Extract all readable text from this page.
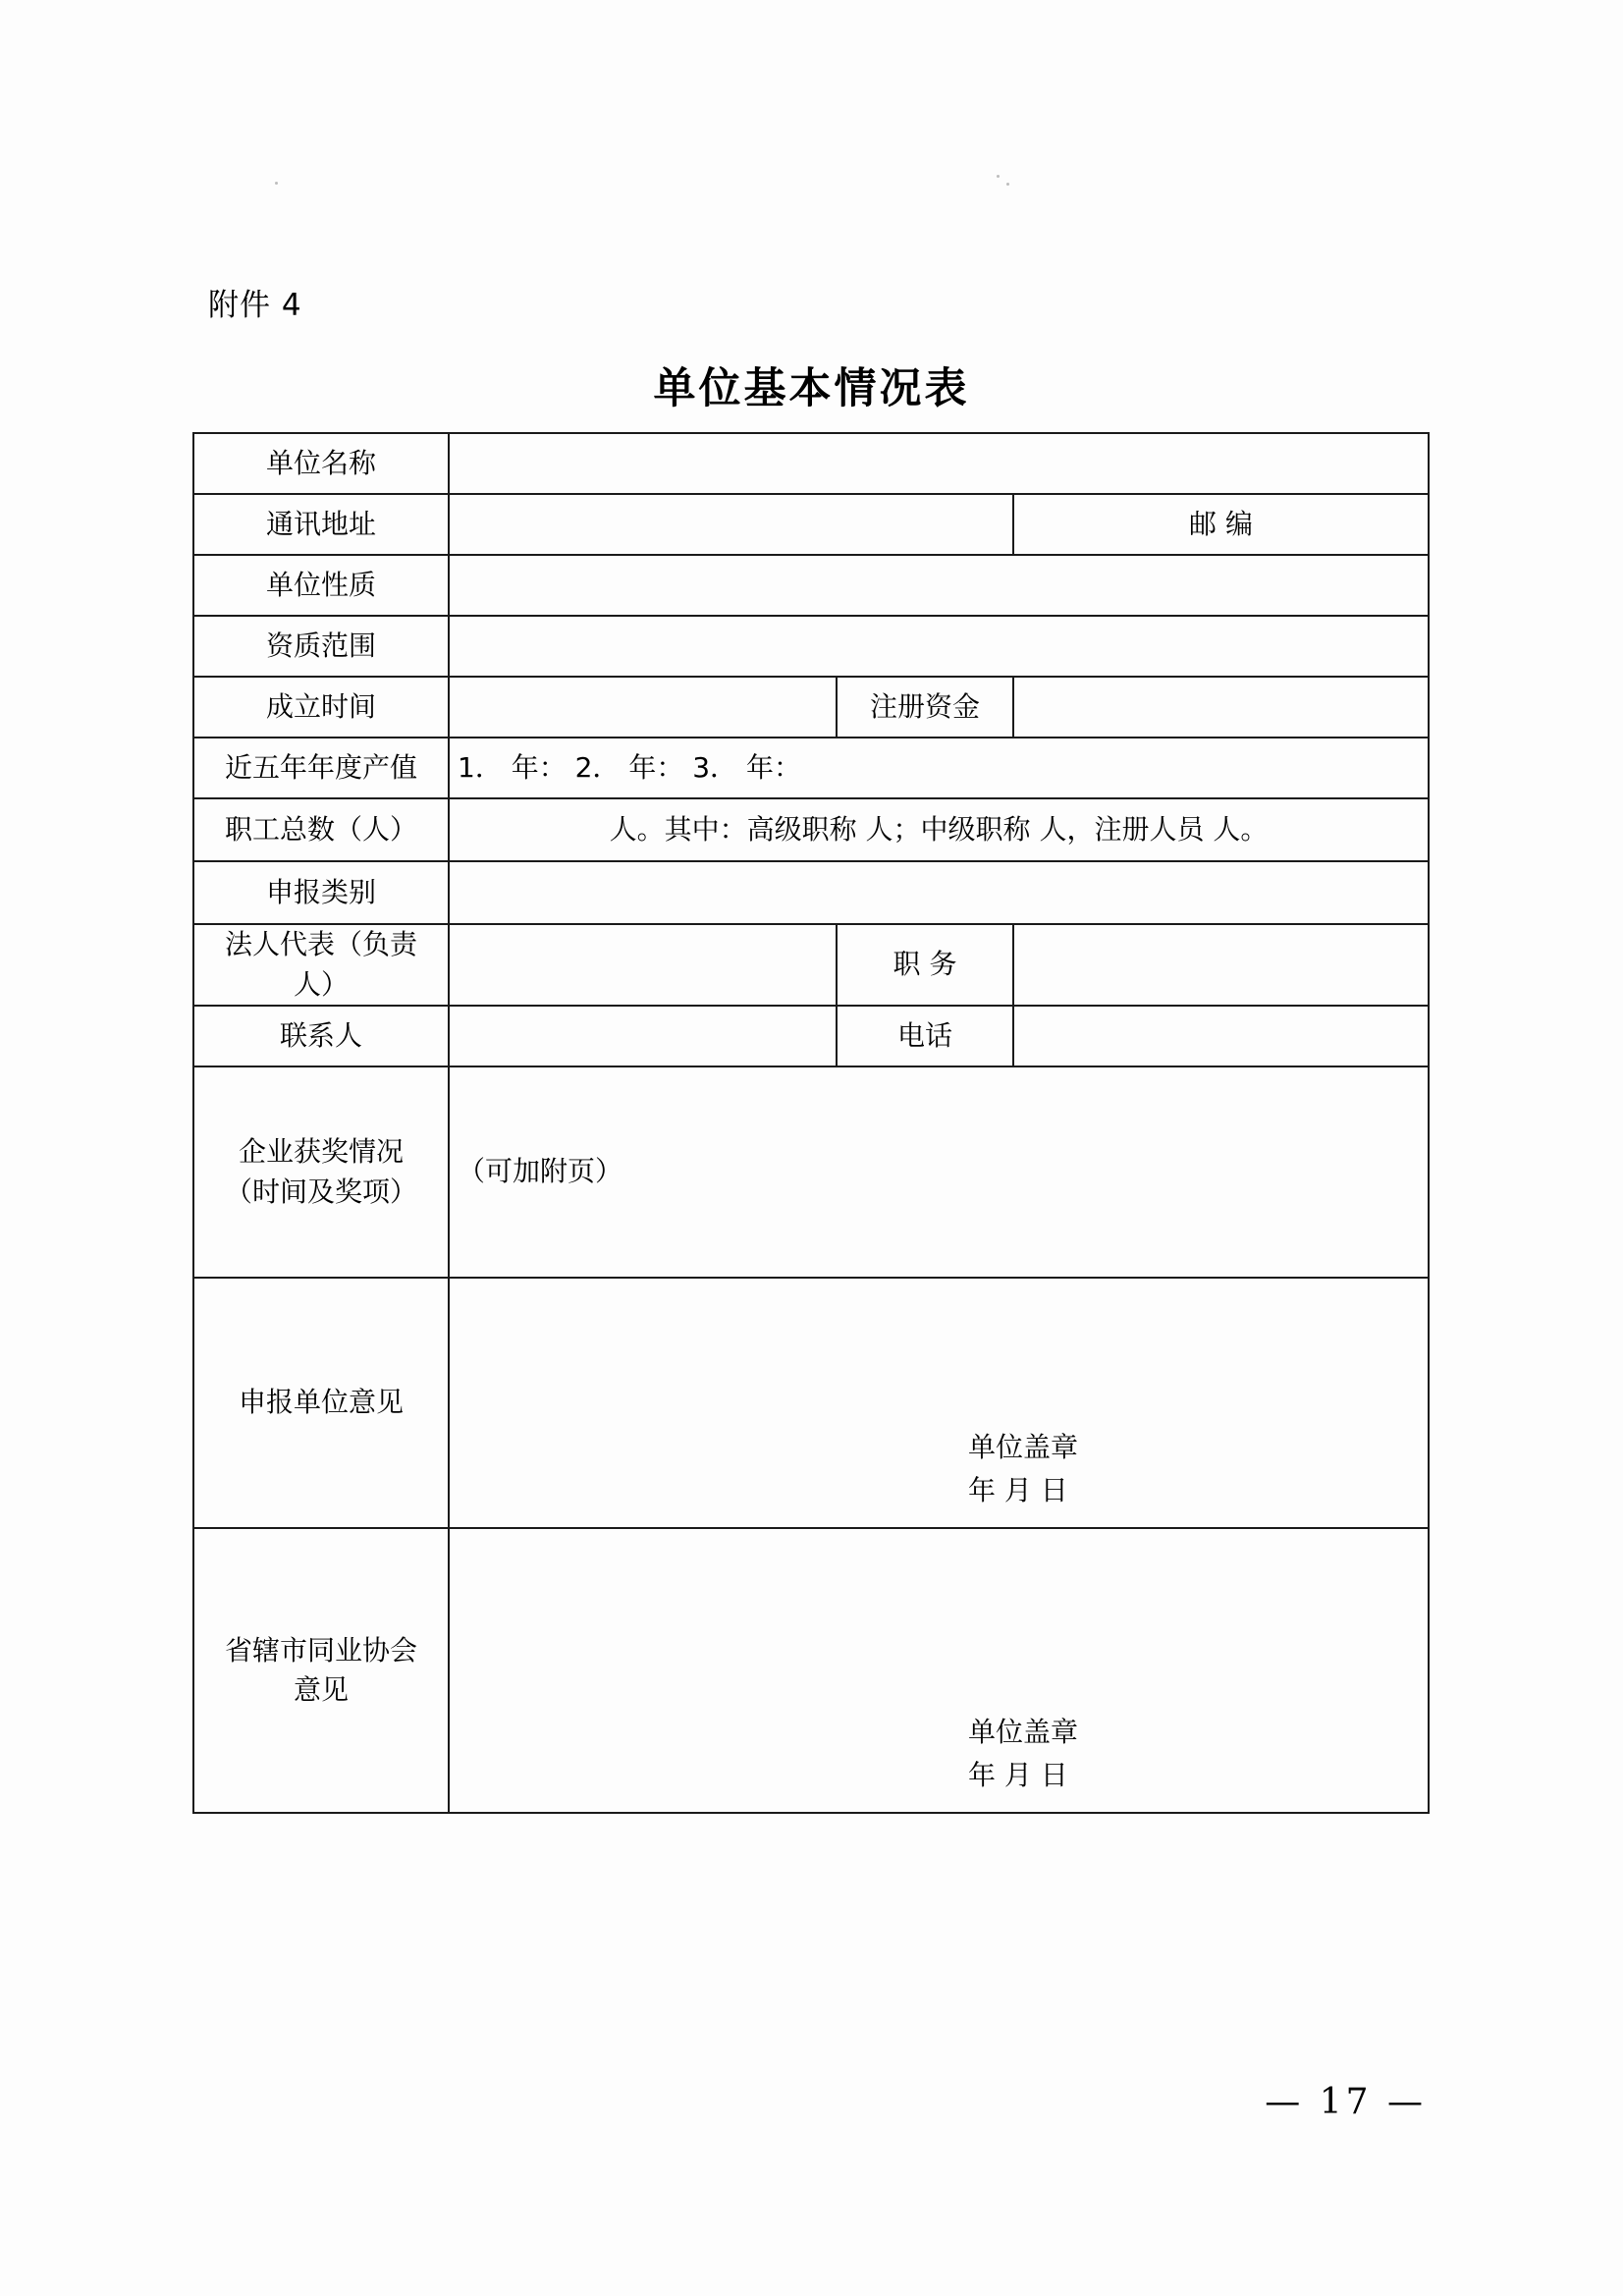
附件 4
单位基本情况表
单位名称			
通讯地址			邮 编
单位性质			
资质范围			
成立时间		注册资金	
近五年年度产值	1． 年： 2． 年： 3． 年：		
职工总数（人）	人。其中：高级职称 人；中级职称 人，注册人员 人。		
申报类别			

法人代表（负责
人）		职 务	
联系人		电话	

企业获奖情况
（时间及奖项）	（可加附页）		
申报单位意见	单位盖章
年 月 日		

省辖市同业协会
意见

单位盖章
年 月 日
— 17 —
